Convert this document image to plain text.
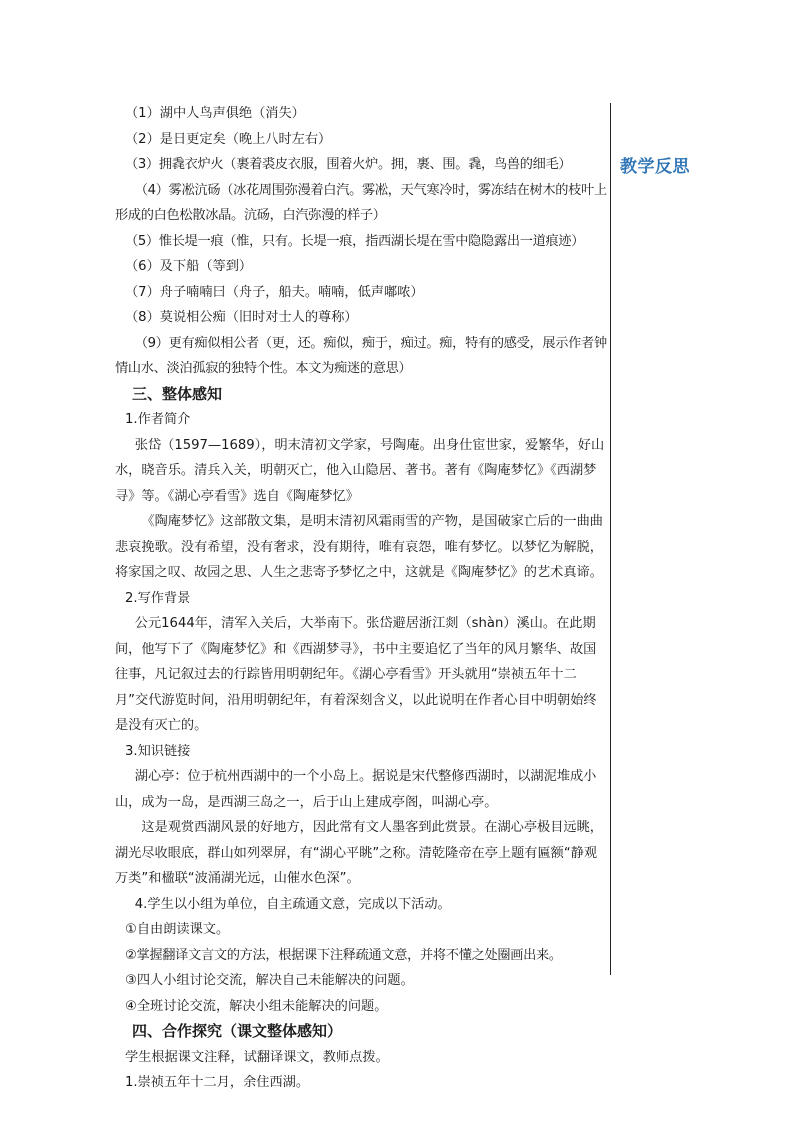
教学反思

（1）湖中人鸟声俱绝（消失）

（2）是日更定矣（晚上八时左右）

（3）拥毳衣炉火（裹着裘皮衣服，围着火炉。拥，裹、围。毳，鸟兽的细毛）

（4）雾凇沆砀（冰花周围弥漫着白汽。雾凇，天气寒冷时，雾冻结在树木的枝叶上形成的白色松散冰晶。沆砀，白汽弥漫的样子）

（5）惟长堤一痕（惟，只有。长堤一痕，指西湖长堤在雪中隐隐露出一道痕迹）

（6）及下船（等到）

（7）舟子喃喃曰（舟子，船夫。喃喃，低声嘟哝）

（8）莫说相公痴（旧时对士人的尊称）

（9）更有痴似相公者（更，还。痴似，痴于，痴过。痴，特有的感受，展示作者钟情山水、淡泊孤寂的独特个性。本文为痴迷的意思）

三、整体感知

1.作者简介

张岱（1597—1689），明末清初文学家，号陶庵。出身仕宦世家，爱繁华，好山水，晓音乐。清兵入关，明朝灭亡，他入山隐居、著书。著有《陶庵梦忆》《西湖梦寻》等。《湖心亭看雪》选自《陶庵梦忆》

《陶庵梦忆》这部散文集，是明末清初风霜雨雪的产物，是国破家亡后的一曲曲悲哀挽歌。没有希望，没有奢求，没有期待，唯有哀怨，唯有梦忆。以梦忆为解脱，将家国之叹、故园之思、人生之悲寄予梦忆之中，这就是《陶庵梦忆》的艺术真谛。

2.写作背景

公元1644年，清军入关后，大举南下。张岱避居浙江剡（shàn）溪山。在此期间，他写下了《陶庵梦忆》和《西湖梦寻》，书中主要追忆了当年的风月繁华、故国往事，凡记叙过去的行踪皆用明朝纪年。《湖心亭看雪》开头就用“崇祯五年十二月”交代游览时间，沿用明朝纪年，有着深刻含义，以此说明在作者心目中明朝始终是没有灭亡的。

3.知识链接

湖心亭：位于杭州西湖中的一个小岛上。据说是宋代整修西湖时，以湖泥堆成小山，成为一岛，是西湖三岛之一，后于山上建成亭阁，叫湖心亭。

这是观赏西湖风景的好地方，因此常有文人墨客到此赏景。在湖心亭极目远眺，湖光尽收眼底，群山如列翠屏，有“湖心平眺”之称。清乾隆帝在亭上题有匾额“静观万类”和楹联“波涌湖光远，山催水色深”。

4.学生以小组为单位，自主疏通文意，完成以下活动。

①自由朗读课文。

②掌握翻译文言文的方法，根据课下注释疏通文意，并将不懂之处圈画出来。

③四人小组讨论交流，解决自己未能解决的问题。

④全班讨论交流，解决小组未能解决的问题。

四、合作探究（课文整体感知）

学生根据课文注释，试翻译课文，教师点拨。

1.崇祯五年十二月，余住西湖。
